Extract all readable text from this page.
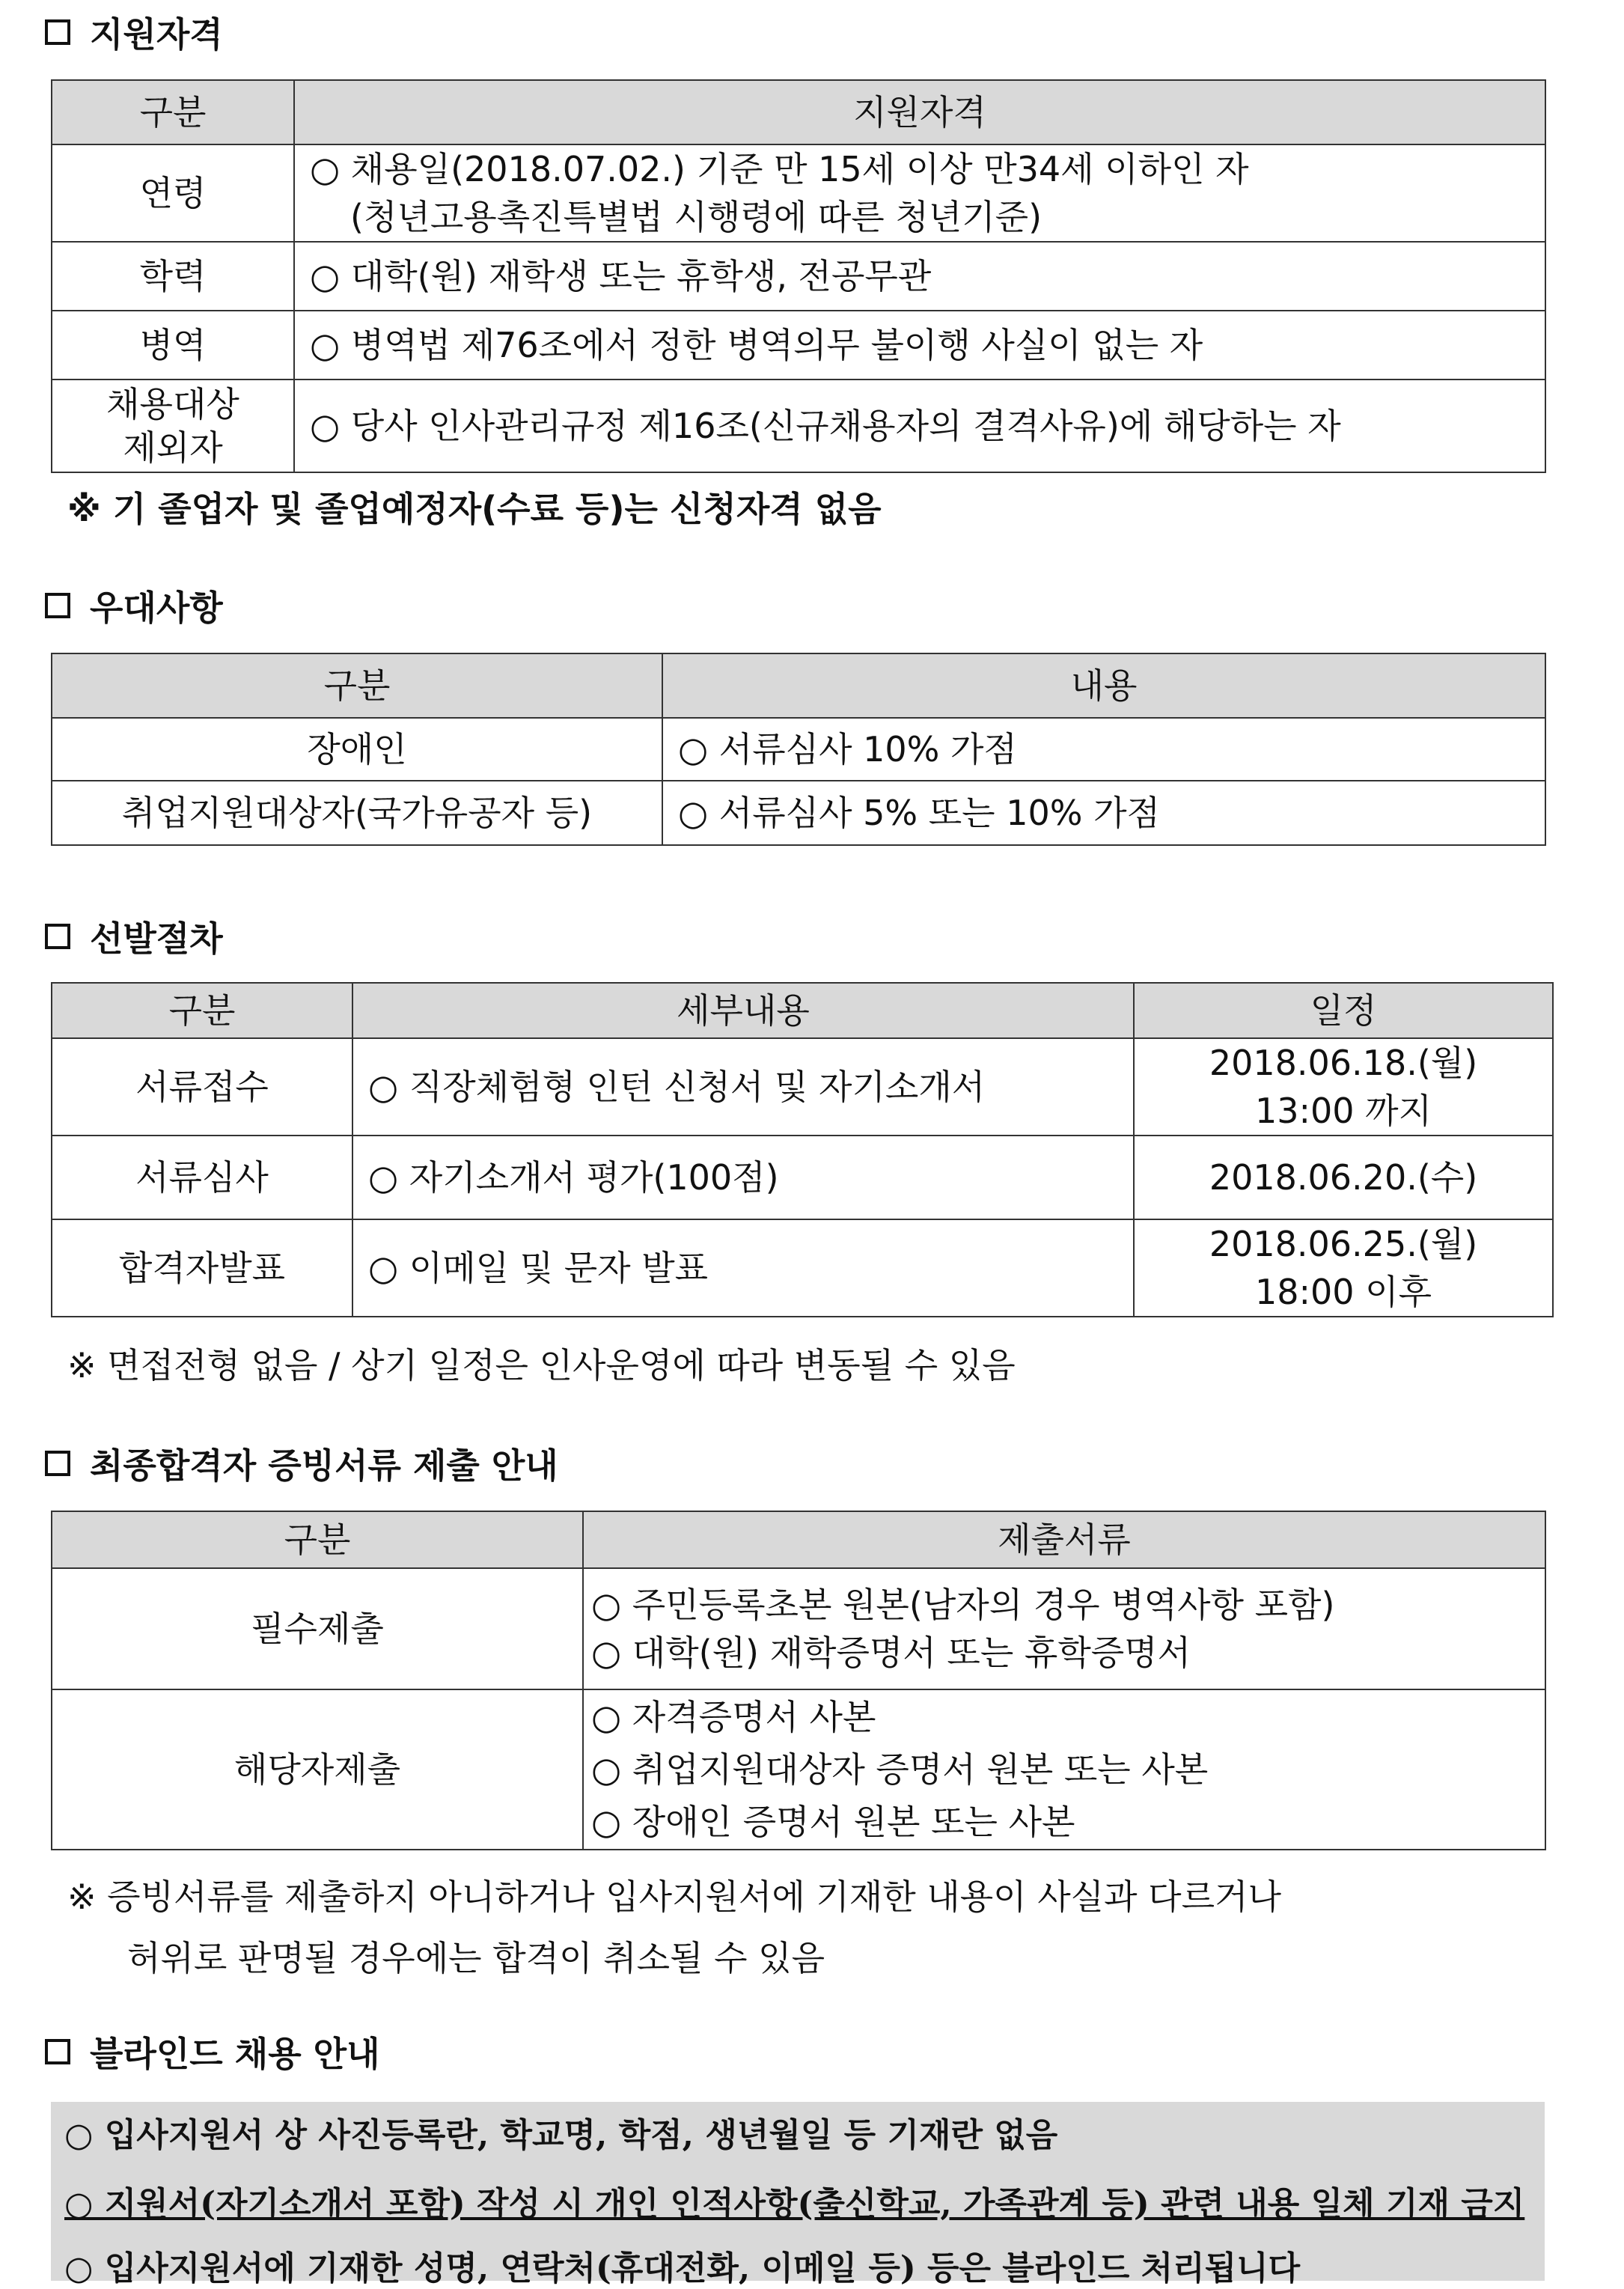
지원자격
구분	지원자격
연령	○ 채용일(2018.07.02.) 기준 만 15세 이상 만34세 이하인 자
(청년고용촉진특별법 시행령에 따른 청년기준)

학력	○ 대학(원) 재학생 또는 휴학생, 전공무관
병역	○ 병역법 제76조에서 정한 병역의무 불이행 사실이 없는 자

채용대상
제외자	○ 당사 인사관리규정 제16조(신규채용자의 결격사유)에 해당하는 자
※ 기 졸업자 및 졸업예정자(수료 등)는 신청자격 없음
우대사항
구분	내용
장애인	○ 서류심사 10% 가점
취업지원대상자(국가유공자 등)	○ 서류심사 5% 또는 10% 가점
선발절차
구분	세부내용	일정
서류접수	○ 직장체험형 인턴 신청서 및 자기소개서	2018.06.18.(월)
13:00 까지

서류심사	○ 자기소개서 평가(100점)	2018.06.20.(수)
합격자발표	○ 이메일 및 문자 발표	2018.06.25.(월)
18:00 이후
※ 면접전형 없음 / 상기 일정은 인사운영에 따라 변동될 수 있음
최종합격자 증빙서류 제출 안내
구분	제출서류
필수제출	○ 주민등록초본 원본(남자의 경우 병역사항 포함)
○ 대학(원) 재학증명서 또는 휴학증명서

해당자제출	○ 자격증명서 사본
○ 취업지원대상자 증명서 원본 또는 사본
○ 장애인 증명서 원본 또는 사본
※ 증빙서류를 제출하지 아니하거나 입사지원서에 기재한 내용이 사실과 다르거나
허위로 판명될 경우에는 합격이 취소될 수 있음
블라인드 채용 안내
○ 입사지원서 상 사진등록란, 학교명, 학점, 생년월일 등 기재란 없음
○ 지원서(자기소개서 포함) 작성 시 개인 인적사항(출신학교, 가족관계 등) 관련 내용 일체 기재 금지
○ 입사지원서에 기재한 성명, 연락처(휴대전화, 이메일 등) 등은 블라인드 처리됩니다
